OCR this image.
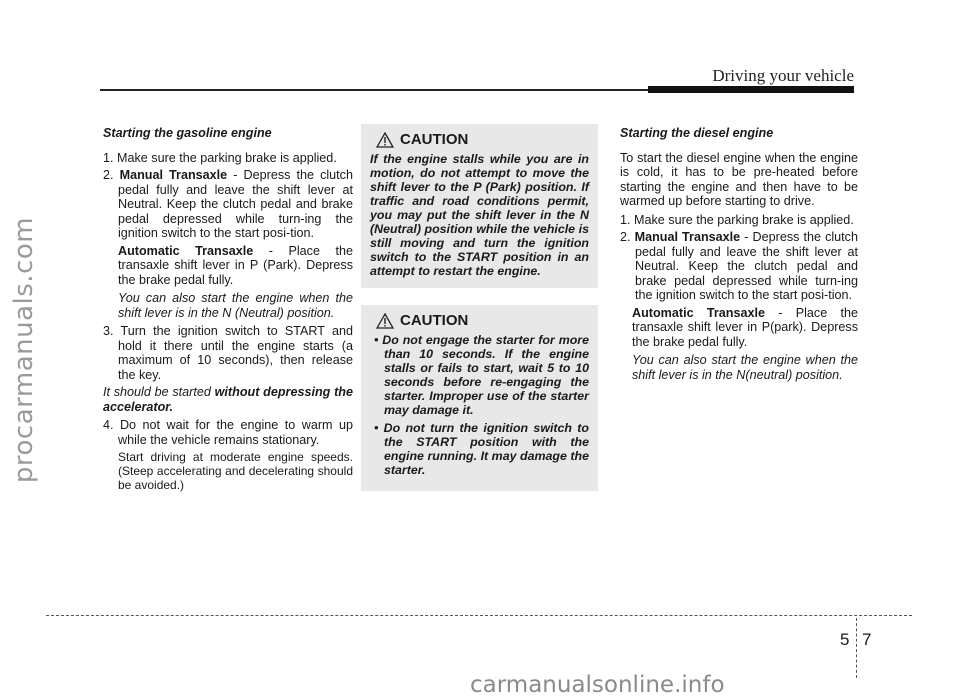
procarmanuals.com
Driving your vehicle
Starting the gasoline engine
1. Make sure the parking brake is applied.
2. Manual Transaxle - Depress the clutch pedal fully and leave the shift lever at Neutral. Keep the clutch pedal and brake pedal depressed while turn-ing the ignition switch to the start posi-tion.
Automatic Transaxle - Place the transaxle shift lever in P (Park). Depress the brake pedal fully.
You can also start the engine when the shift lever is in the N (Neutral) position.
3. Turn the ignition switch to START and hold it there until the engine starts (a maximum of 10 seconds), then release the key.

It should be started without depressing the accelerator.

4. Do not wait for the engine to warm up while the vehicle remains stationary.
Start driving at moderate engine speeds. (Steep accelerating and decelerating should be avoided.)
CAUTION
If the engine stalls while you are in motion, do not attempt to move the shift lever to the P (Park) position. If traffic and road conditions permit, you may put the shift lever in the N (Neutral) position while the vehicle is still moving and turn the ignition switch to the START position in an attempt to restart the engine.
CAUTION
• Do not engage the starter for more than 10 seconds. If the engine stalls or fails to start, wait 5 to 10 seconds before re-engaging the starter. Improper use of the starter may damage it.
• Do not turn the ignition switch to the START position with the engine running. It may damage the starter.
Starting the diesel engine

To start the diesel engine when the engine is cold, it has to be pre-heated before starting the engine and then have to be warmed up before starting to drive.

1. Make sure the parking brake is applied.
2. Manual Transaxle - Depress the clutch pedal fully and leave the shift lever at Neutral. Keep the clutch pedal and brake pedal depressed while turn-ing the ignition switch to the start posi-tion.
Automatic Transaxle - Place the transaxle shift lever in P(park). Depress the brake pedal fully.
You can also start the engine when the shift lever is in the N(neutral) position.
5 7
carmanualsonline.info
